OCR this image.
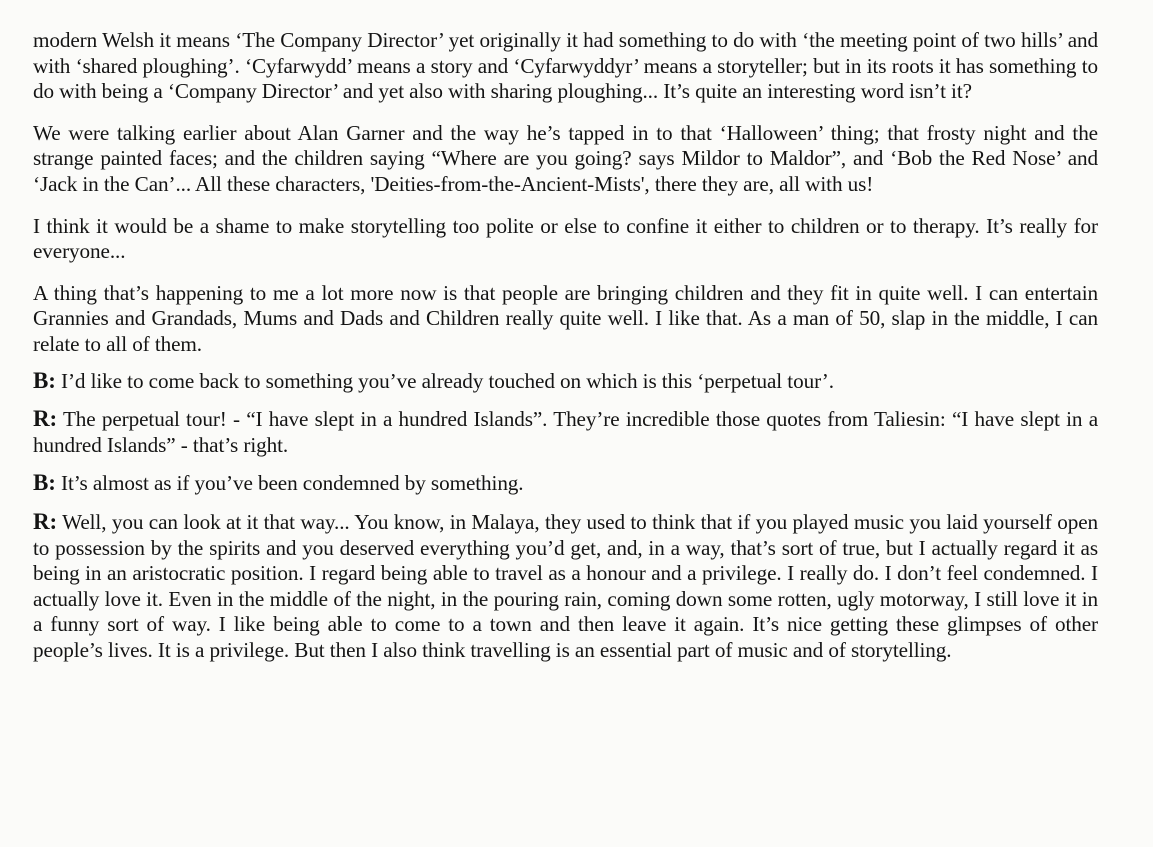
modern Welsh it means ‘The Company Director’ yet originally it had something to do with ‘the meeting point of two hills’ and with ‘shared ploughing’. ‘Cyfarwydd’ means a story and ‘Cyfarwyddyr’ means a storyteller; but in its roots it has something to do with being a ‘Company Director’ and yet also with sharing ploughing... It’s quite an interesting word isn’t it?

We were talking earlier about Alan Garner and the way he’s tapped in to that ‘Halloween’ thing; that frosty night and the strange painted faces; and the children saying “Where are you going? says Mildor to Maldor”, and ‘Bob the Red Nose’ and ‘Jack in the Can’... All these characters, 'Deities-from-the-Ancient-Mists', there they are, all with us!

I think it would be a shame to make storytelling too polite or else to confine it either to children or to therapy. It’s really for everyone...

A thing that’s happening to me a lot more now is that people are bringing children and they fit in quite well. I can entertain Grannies and Grandads, Mums and Dads and Children really quite well. I like that. As a man of 50, slap in the middle, I can relate to all of them.

B: I’d like to come back to something you’ve already touched on which is this ‘perpetual tour’.

R: The perpetual tour! - “I have slept in a hundred Islands”. They’re incredible those quotes from Taliesin: “I have slept in a hundred Islands” - that’s right.

B: It’s almost as if you’ve been condemned by something.

R: Well, you can look at it that way... You know, in Malaya, they used to think that if you played music you laid yourself open to possession by the spirits and you deserved everything you’d get, and, in a way, that’s sort of true, but I actually regard it as being in an aristocratic position. I regard being able to travel as a honour and a privilege. I really do. I don’t feel condemned. I actually love it. Even in the middle of the night, in the pouring rain, coming down some rotten, ugly motorway, I still love it in a funny sort of way. I like being able to come to a town and then leave it again. It’s nice getting these glimpses of other people’s lives. It is a privilege. But then I also think travelling is an essential part of music and of storytelling.
